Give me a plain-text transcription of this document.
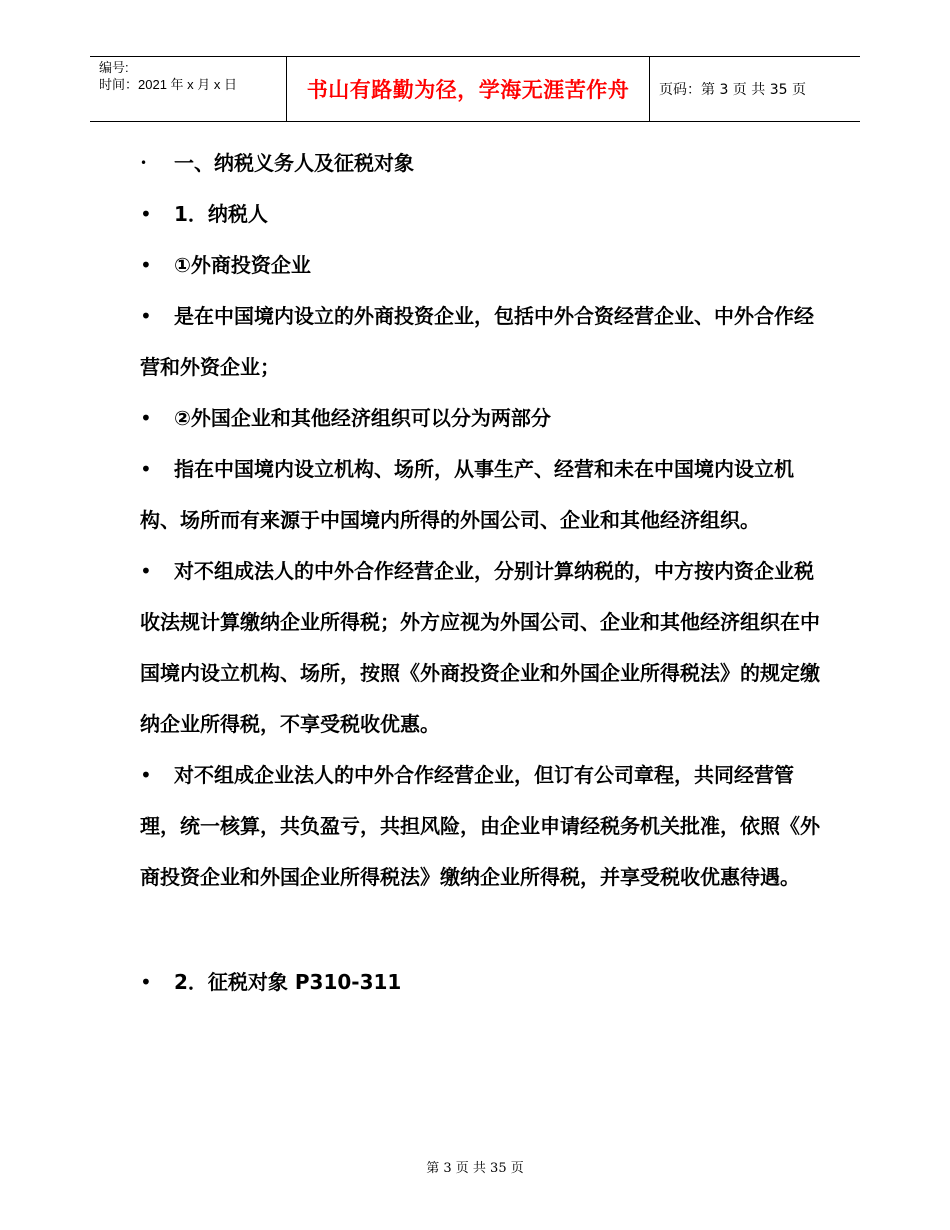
编号:
时间：2021 年 x 月 x 日	书山有路勤为径，学海无涯苦作舟	页码：第 3 页 共 35 页

•	一、纳税义务人及征税对象

•	1．纳税人

•	①外商投资企业

•	是在中国境内设立的外商投资企业，包括中外合资经营企业、中外合作经营和外资企业；

•	②外国企业和其他经济组织可以分为两部分

•	指在中国境内设立机构、场所，从事生产、经营和未在中国境内设立机构、场所而有来源于中国境内所得的外国公司、企业和其他经济组织。

•	对不组成法人的中外合作经营企业，分别计算纳税的，中方按内资企业税收法规计算缴纳企业所得税；外方应视为外国公司、企业和其他经济组织在中国境内设立机构、场所，按照《外商投资企业和外国企业所得税法》的规定缴纳企业所得税，不享受税收优惠。

•	对不组成企业法人的中外合作经营企业，但订有公司章程，共同经营管理，统一核算，共负盈亏，共担风险，由企业申请经税务机关批准，依照《外商投资企业和外国企业所得税法》缴纳企业所得税，并享受税收优惠待遇。

•	2．征税对象 P310-311

第 3 页 共 35 页
